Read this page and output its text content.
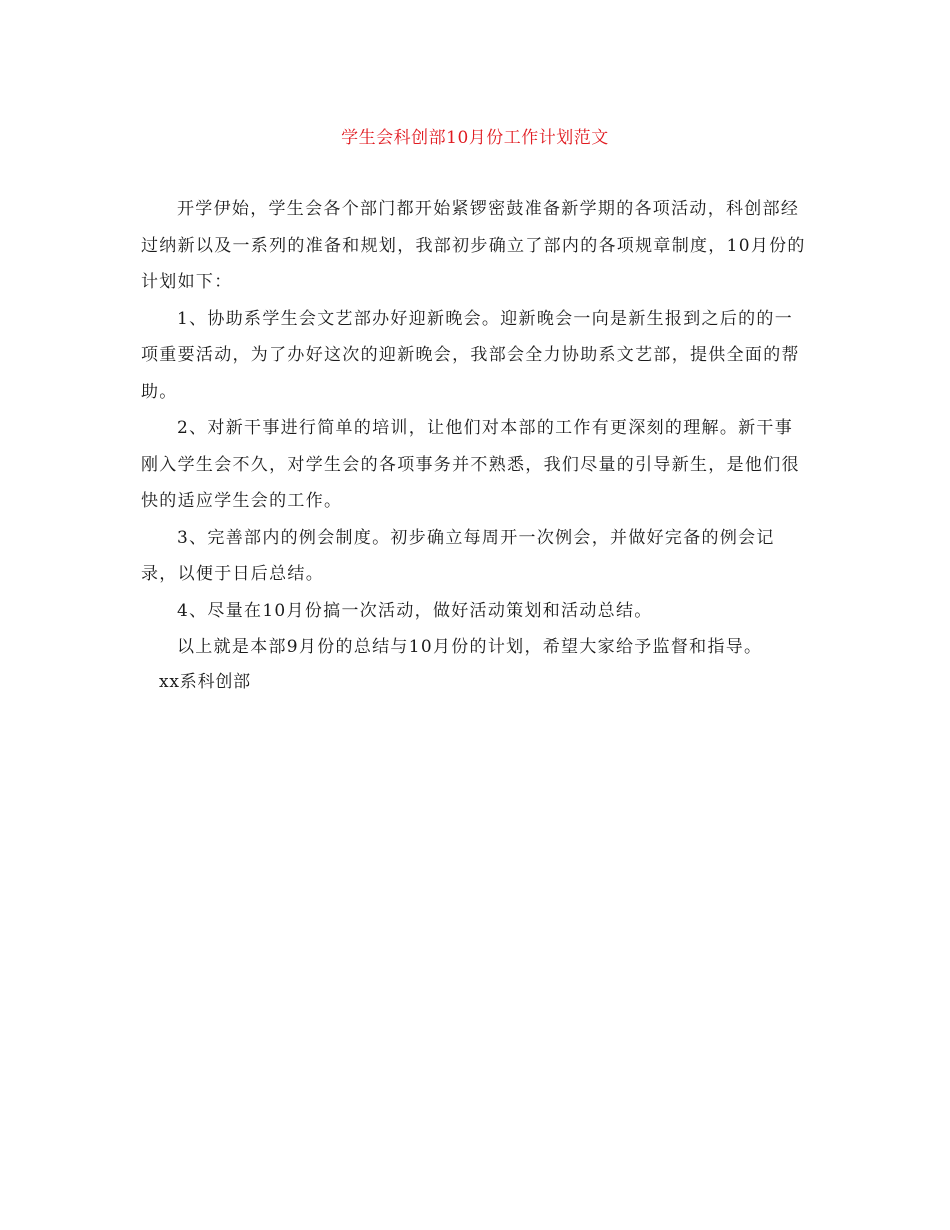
学生会科创部10月份工作计划范文

开学伊始，学生会各个部门都开始紧锣密鼓准备新学期的各项活动，科创部经过纳新以及一系列的准备和规划，我部初步确立了部内的各项规章制度，10月份的计划如下：

1、协助系学生会文艺部办好迎新晚会。迎新晚会一向是新生报到之后的的一项重要活动，为了办好这次的迎新晚会，我部会全力协助系文艺部，提供全面的帮助。

2、对新干事进行简单的培训，让他们对本部的工作有更深刻的理解。新干事刚入学生会不久，对学生会的各项事务并不熟悉，我们尽量的引导新生，是他们很快的适应学生会的工作。

3、完善部内的例会制度。初步确立每周开一次例会，并做好完备的例会记录，以便于日后总结。

4、尽量在10月份搞一次活动，做好活动策划和活动总结。

以上就是本部9月份的总结与10月份的计划，希望大家给予监督和指导。

xx系科创部
